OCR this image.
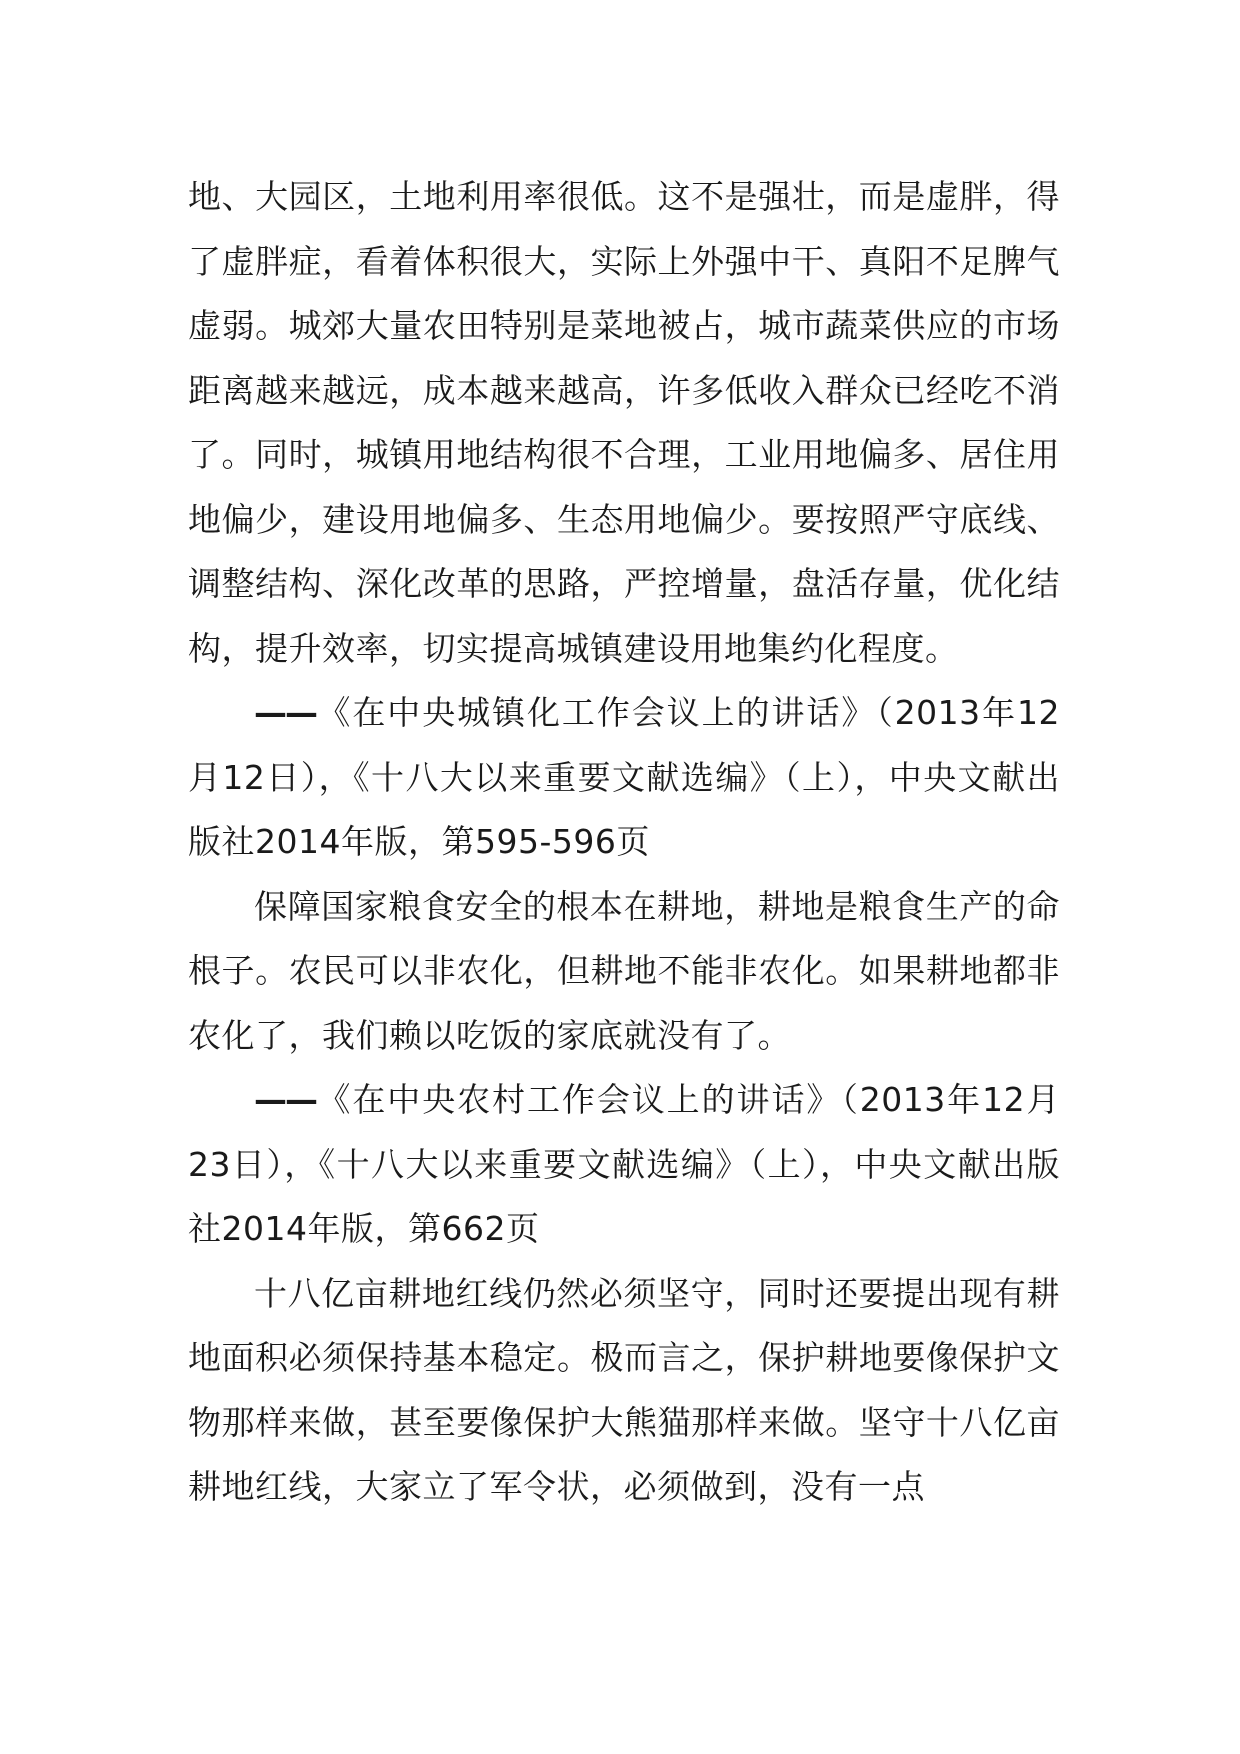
地、大园区，土地利用率很低。这不是强壮，而是虚胖，得了虚胖症，看着体积很大，实际上外强中干、真阳不足脾气虚弱。城郊大量农田特别是菜地被占，城市蔬菜供应的市场距离越来越远，成本越来越高，许多低收入群众已经吃不消了。同时，城镇用地结构很不合理，工业用地偏多、居住用地偏少，建设用地偏多、生态用地偏少。要按照严守底线、调整结构、深化改革的思路，严控增量，盘活存量，优化结构，提升效率，切实提高城镇建设用地集约化程度。

——《在中央城镇化工作会议上的讲话》（2013年12月12日），《十八大以来重要文献选编》（上），中央文献出版社2014年版，第595-596页

保障国家粮食安全的根本在耕地，耕地是粮食生产的命根子。农民可以非农化，但耕地不能非农化。如果耕地都非农化了，我们赖以吃饭的家底就没有了。

——《在中央农村工作会议上的讲话》（2013年12月23日），《十八大以来重要文献选编》（上），中央文献出版社2014年版，第662页

十八亿亩耕地红线仍然必须坚守，同时还要提出现有耕地面积必须保持基本稳定。极而言之，保护耕地要像保护文物那样来做，甚至要像保护大熊猫那样来做。坚守十八亿亩耕地红线，大家立了军令状，必须做到，没有一点
